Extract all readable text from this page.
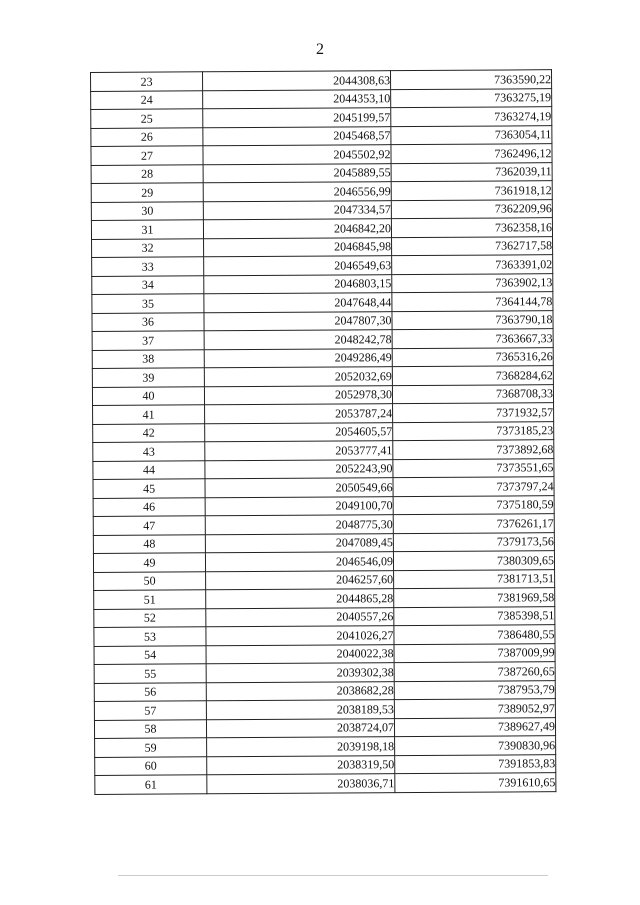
2
23	2044308,63	7363590,22
24	2044353,10	7363275,19
25	2045199,57	7363274,19
26	2045468,57	7363054,11
27	2045502,92	7362496,12
28	2045889,55	7362039,11
29	2046556,99	7361918,12
30	2047334,57	7362209,96
31	2046842,20	7362358,16
32	2046845,98	7362717,58
33	2046549,63	7363391,02
34	2046803,15	7363902,13
35	2047648,44	7364144,78
36	2047807,30	7363790,18
37	2048242,78	7363667,33
38	2049286,49	7365316,26
39	2052032,69	7368284,62
40	2052978,30	7368708,33
41	2053787,24	7371932,57
42	2054605,57	7373185,23
43	2053777,41	7373892,68
44	2052243,90	7373551,65
45	2050549,66	7373797,24
46	2049100,70	7375180,59
47	2048775,30	7376261,17
48	2047089,45	7379173,56
49	2046546,09	7380309,65
50	2046257,60	7381713,51
51	2044865,28	7381969,58
52	2040557,26	7385398,51
53	2041026,27	7386480,55
54	2040022,38	7387009,99
55	2039302,38	7387260,65
56	2038682,28	7387953,79
57	2038189,53	7389052,97
58	2038724,07	7389627,49
59	2039198,18	7390830,96
60	2038319,50	7391853,83
61	2038036,71	7391610,65
